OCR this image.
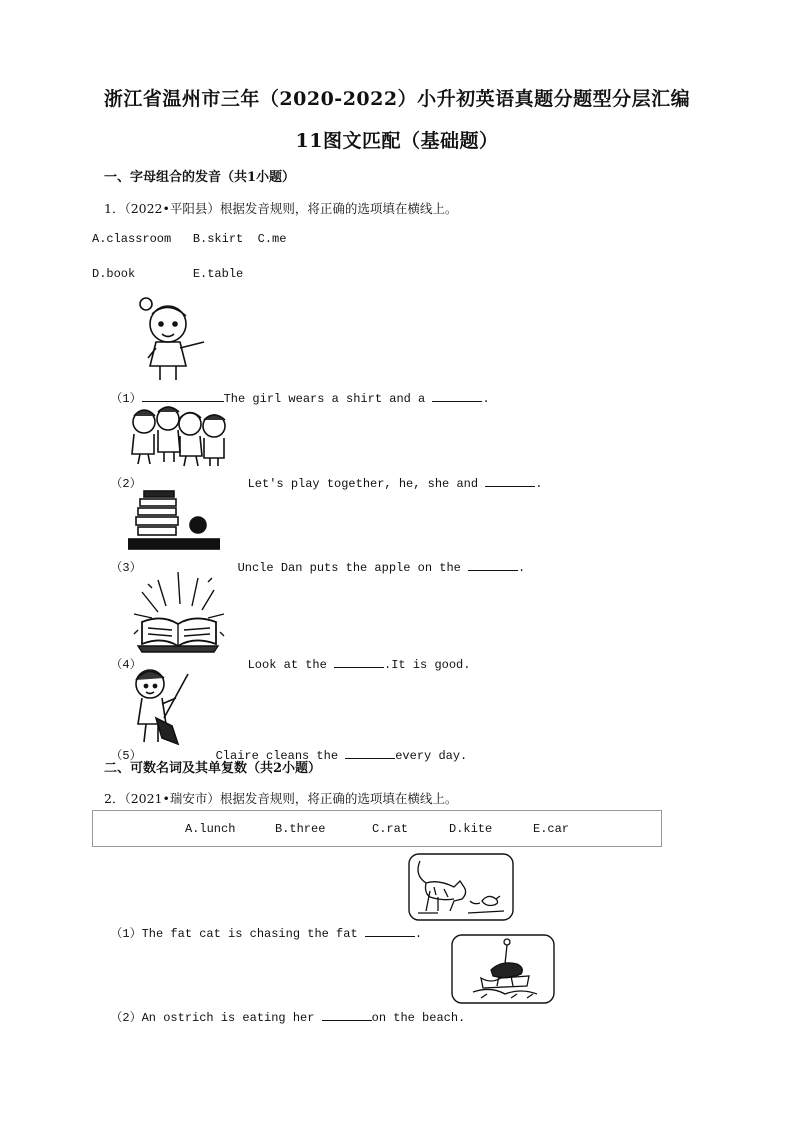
浙江省温州市三年（2020-2022）小升初英语真题分题型分层汇编
11图文匹配（基础题）
一、字母组合的发音（共1小题）
1．（2022•平阳县）根据发音规则，将正确的选项填在横线上。
A.classroom   B.skirt  C.me
D.book        E.table

（1）	The girl wears a shirt and a	.

（2）	Let's play together, he, she and	.

（3）	Uncle Dan puts the apple on the	.

（4）	Look at the	.It is good.

（5）	Claire cleans the	every day.

二、可数名词及其单复数（共2小题）
2．（2021•瑞安市）根据发音规则，将正确的选项填在横线上。
A.lunch	B.three	C.rat	D.kite	E.car

（1）The fat cat is chasing the fat	.

（2）An ostrich is eating her	on the beach.
